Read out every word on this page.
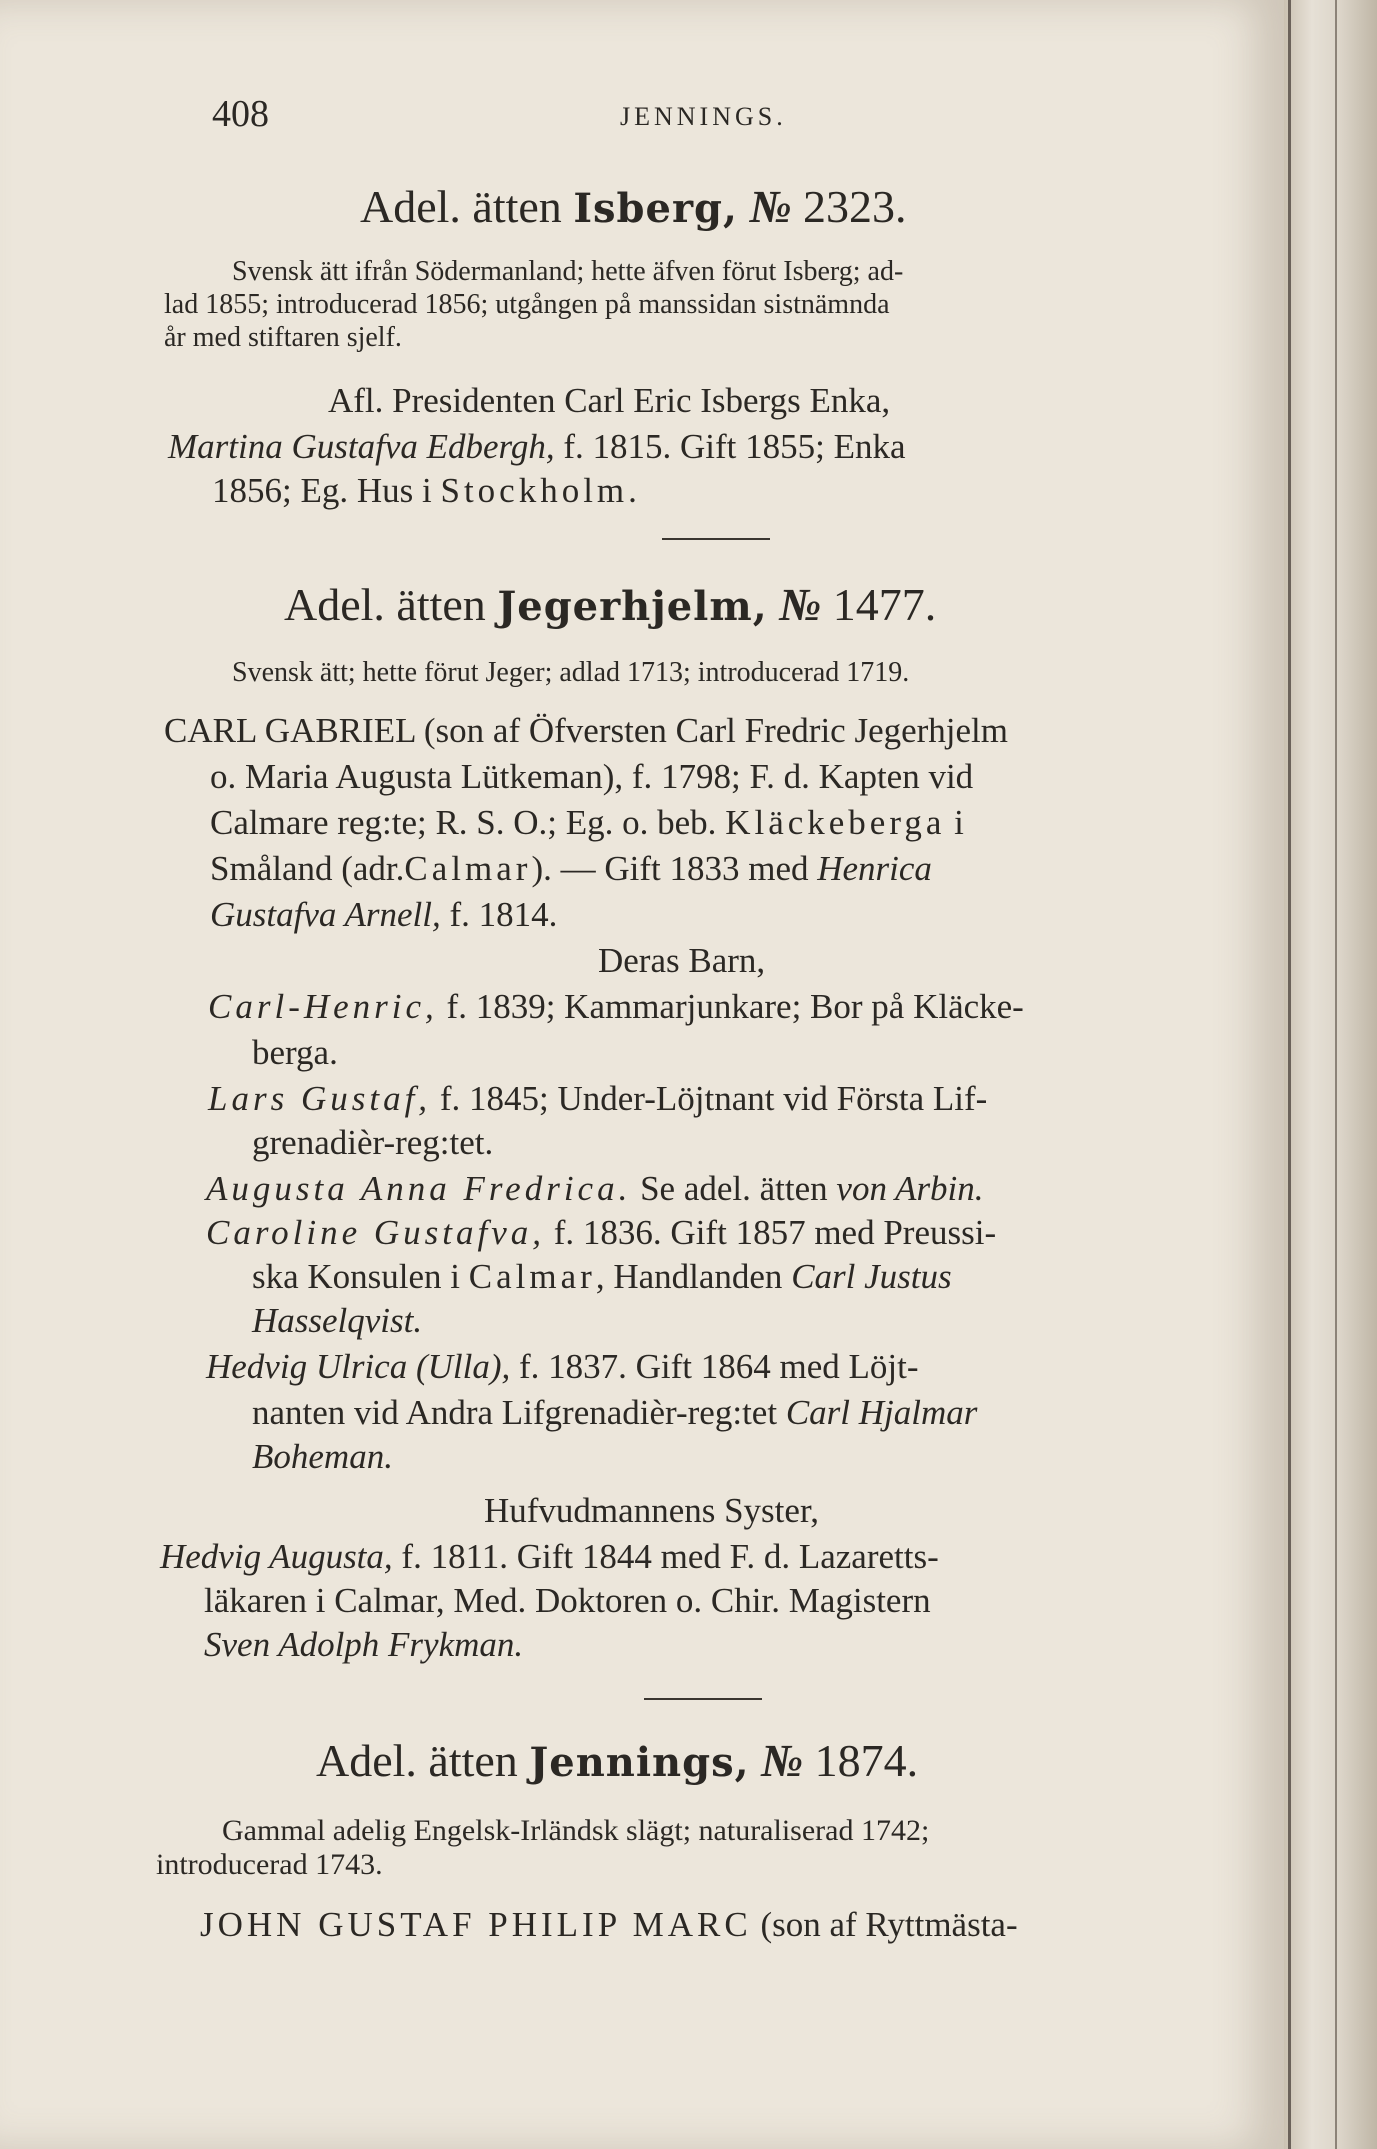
408	JENNINGS.
Adel. ätten Isberg, № 2323.
Svensk ätt ifrån Södermanland; hette äfven förut Isberg; ad-
lad 1855; introducerad 1856; utgången på manssidan sistnämnda
år med stiftaren sjelf.
Afl. Presidenten Carl Eric Isbergs Enka,
Martina Gustafva Edbergh, f. 1815. Gift 1855; Enka
1856; Eg. Hus i Stockholm.
Adel. ätten Jegerhjelm, № 1477.
Svensk ätt; hette förut Jeger; adlad 1713; introducerad 1719.
CARL GABRIEL (son af Öfversten Carl Fredric Jegerhjelm
o. Maria Augusta Lütkeman), f. 1798; F. d. Kapten vid
Calmare reg:te; R. S. O.; Eg. o. beb. Kläckeberga i
Småland (adr.Calmar). — Gift 1833 med Henrica
Gustafva Arnell, f. 1814.
Deras Barn,
Carl-Henric, f. 1839; Kammarjunkare; Bor på Kläcke-
berga.
Lars Gustaf, f. 1845; Under-Löjtnant vid Första Lif-
grenadièr-reg:tet.
Augusta Anna Fredrica. Se adel. ätten von Arbin.
Caroline Gustafva, f. 1836. Gift 1857 med Preussi-
ska Konsulen i Calmar, Handlanden Carl Justus
Hasselqvist.
Hedvig Ulrica (Ulla), f. 1837. Gift 1864 med Löjt-
nanten vid Andra Lifgrenadièr-reg:tet Carl Hjalmar
Boheman.
Hufvudmannens Syster,
Hedvig Augusta, f. 1811. Gift 1844 med F. d. Lazaretts-
läkaren i Calmar, Med. Doktoren o. Chir. Magistern
Sven Adolph Frykman.
Adel. ätten Jennings, № 1874.
Gammal adelig Engelsk-Irländsk slägt; naturaliserad 1742;
introducerad 1743.
JOHN GUSTAF PHILIP MARC (son af Ryttmästa-
